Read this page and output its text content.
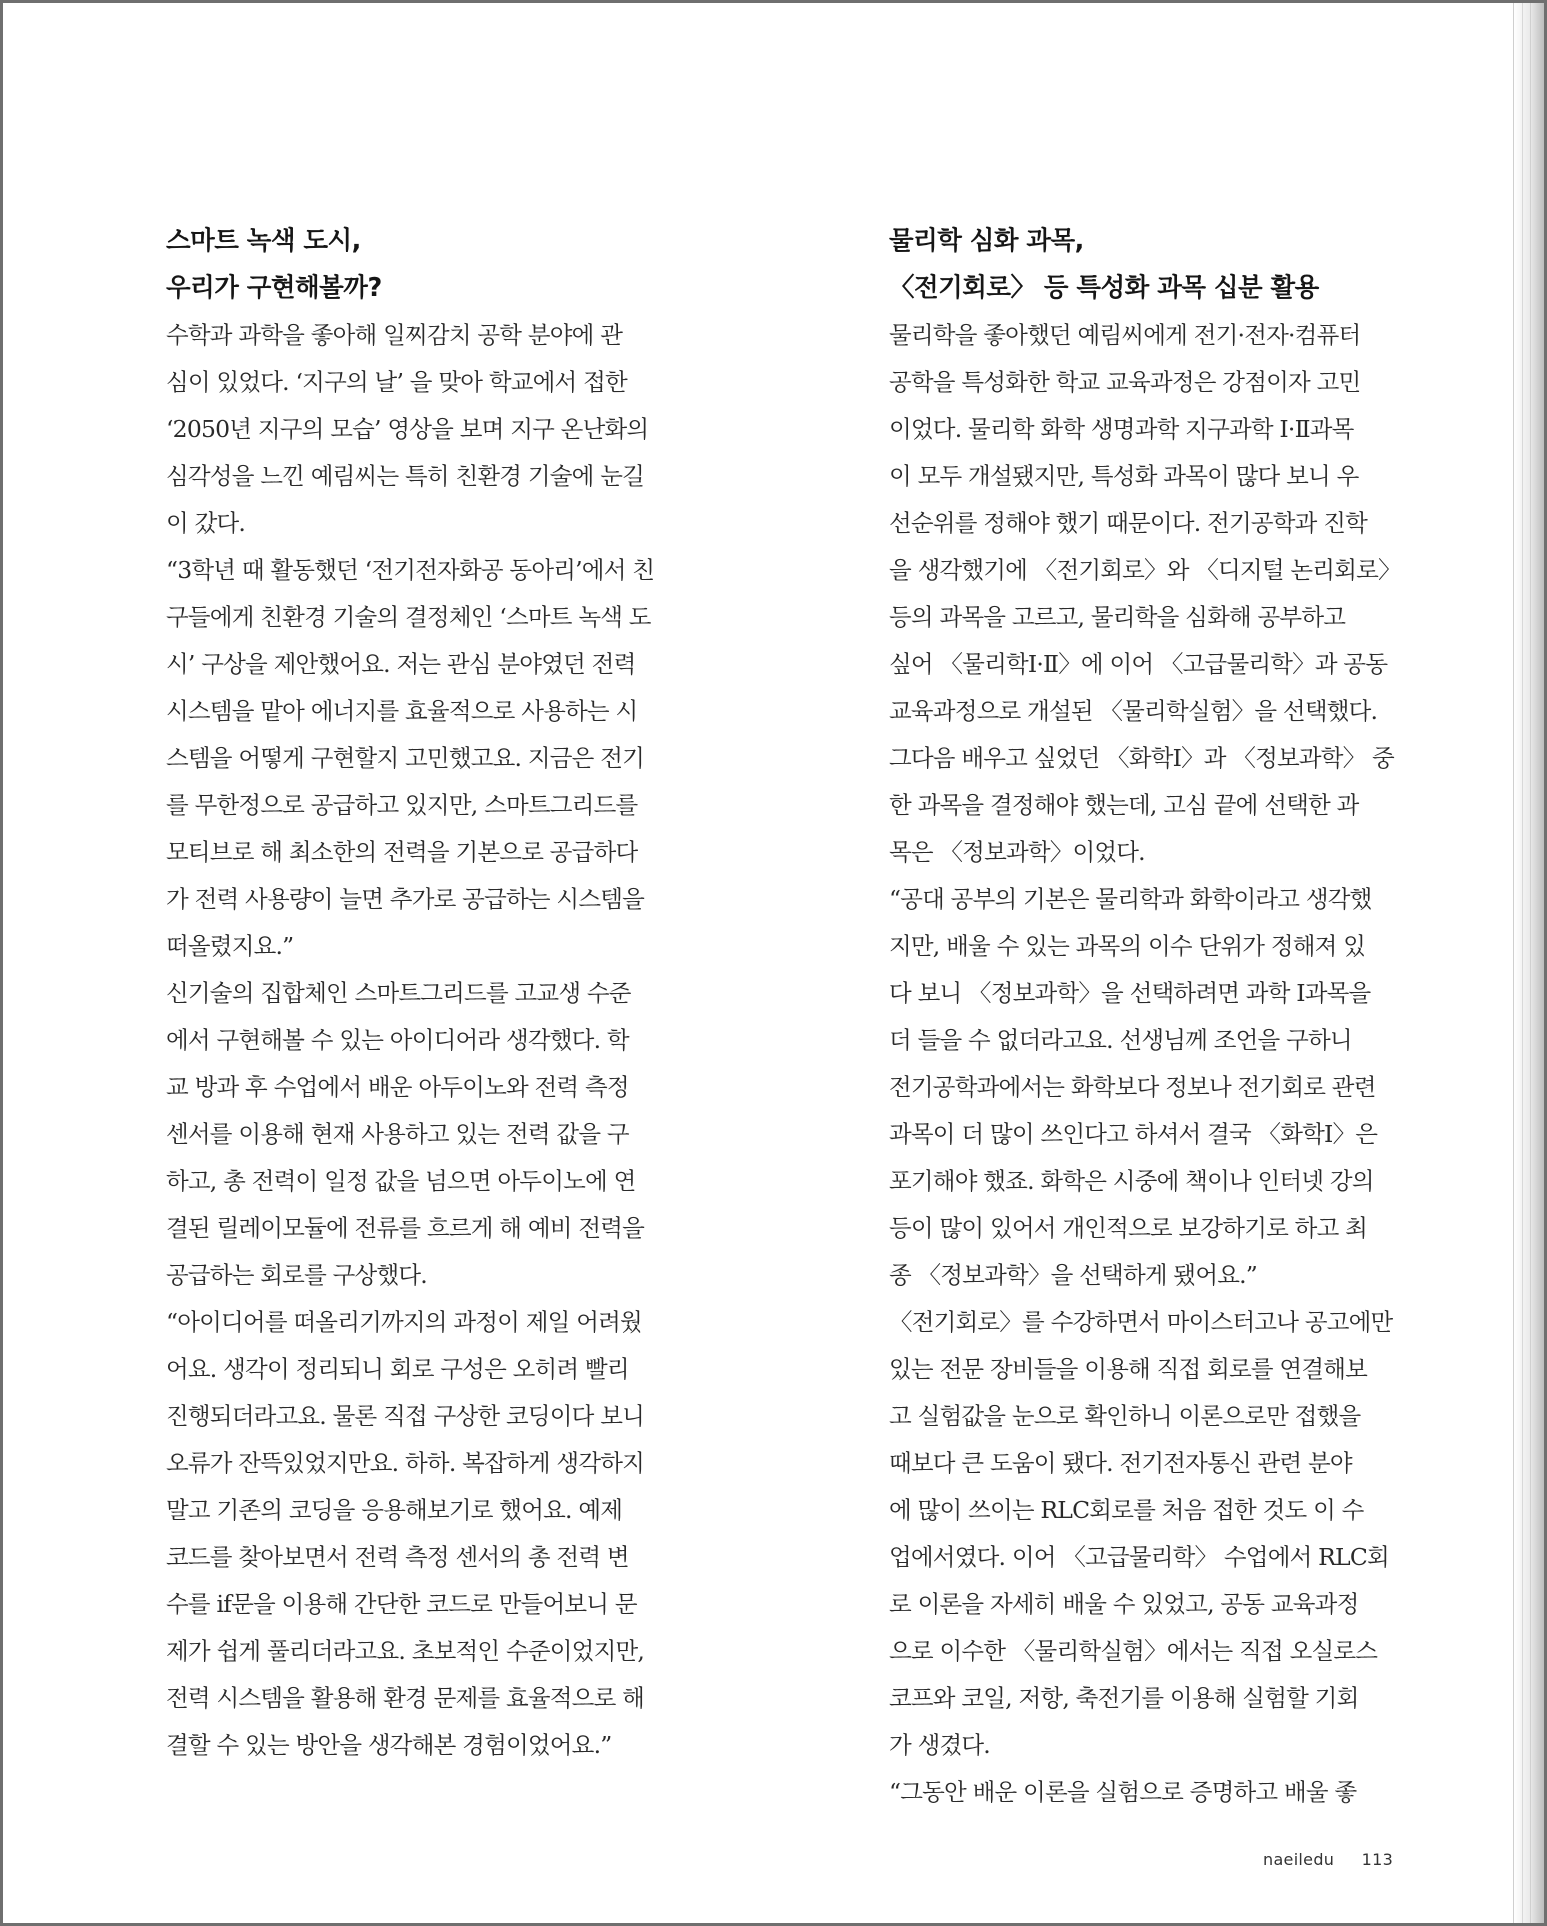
스마트 녹색 도시,

우리가 구현해볼까?

수학과 과학을 좋아해 일찌감치 공학 분야에 관

심이 있었다. ‘지구의 날’ 을 맞아 학교에서 접한

‘2050년 지구의 모습’ 영상을 보며 지구 온난화의

심각성을 느낀 예림씨는 특히 친환경 기술에 눈길

이 갔다.

“3학년 때 활동했던 ‘전기전자화공 동아리’에서 친

구들에게 친환경 기술의 결정체인 ‘스마트 녹색 도

시’ 구상을 제안했어요. 저는 관심 분야였던 전력

시스템을 맡아 에너지를 효율적으로 사용하는 시

스템을 어떻게 구현할지 고민했고요. 지금은 전기

를 무한정으로 공급하고 있지만, 스마트그리드를

모티브로 해 최소한의 전력을 기본으로 공급하다

가 전력 사용량이 늘면 추가로 공급하는 시스템을

떠올렸지요.”

신기술의 집합체인 스마트그리드를 고교생 수준

에서 구현해볼 수 있는 아이디어라 생각했다. 학

교 방과 후 수업에서 배운 아두이노와 전력 측정

센서를 이용해 현재 사용하고 있는 전력 값을 구

하고, 총 전력이 일정 값을 넘으면 아두이노에 연

결된 릴레이모듈에 전류를 흐르게 해 예비 전력을

공급하는 회로를 구상했다.

“아이디어를 떠올리기까지의 과정이 제일 어려웠

어요. 생각이 정리되니 회로 구성은 오히려 빨리

진행되더라고요. 물론 직접 구상한 코딩이다 보니

오류가 잔뜩있었지만요. 하하. 복잡하게 생각하지

말고 기존의 코딩을 응용해보기로 했어요. 예제

코드를 찾아보면서 전력 측정 센서의 총 전력 변

수를 if문을 이용해 간단한 코드로 만들어보니 문

제가 쉽게 풀리더라고요. 초보적인 수준이었지만,

전력 시스템을 활용해 환경 문제를 효율적으로 해

결할 수 있는 방안을 생각해본 경험이었어요.”

물리학 심화 과목,

〈전기회로〉 등 특성화 과목 십분 활용

물리학을 좋아했던 예림씨에게 전기·전자·컴퓨터

공학을 특성화한 학교 교육과정은 강점이자 고민

이었다. 물리학 화학 생명과학 지구과학 Ⅰ·Ⅱ과목

이 모두 개설됐지만, 특성화 과목이 많다 보니 우

선순위를 정해야 했기 때문이다. 전기공학과 진학

을 생각했기에 〈전기회로〉와 〈디지털 논리회로〉

등의 과목을 고르고, 물리학을 심화해 공부하고

싶어 〈물리학Ⅰ·Ⅱ〉에 이어 〈고급물리학〉과 공동

교육과정으로 개설된 〈물리학실험〉을 선택했다.

그다음 배우고 싶었던 〈화학Ⅰ〉과 〈정보과학〉 중

한 과목을 결정해야 했는데, 고심 끝에 선택한 과

목은 〈정보과학〉이었다.

“공대 공부의 기본은 물리학과 화학이라고 생각했

지만, 배울 수 있는 과목의 이수 단위가 정해져 있

다 보니 〈정보과학〉을 선택하려면 과학 Ⅰ과목을

더 들을 수 없더라고요. 선생님께 조언을 구하니

전기공학과에서는 화학보다 정보나 전기회로 관련

과목이 더 많이 쓰인다고 하셔서 결국 〈화학Ⅰ〉은

포기해야 했죠. 화학은 시중에 책이나 인터넷 강의

등이 많이 있어서 개인적으로 보강하기로 하고 최

종 〈정보과학〉을 선택하게 됐어요.”

〈전기회로〉를 수강하면서 마이스터고나 공고에만

있는 전문 장비들을 이용해 직접 회로를 연결해보

고 실험값을 눈으로 확인하니 이론으로만 접했을

때보다 큰 도움이 됐다. 전기전자통신 관련 분야

에 많이 쓰이는 RLC회로를 처음 접한 것도 이 수

업에서였다. 이어 〈고급물리학〉 수업에서 RLC회

로 이론을 자세히 배울 수 있었고, 공동 교육과정

으로 이수한 〈물리학실험〉에서는 직접 오실로스

코프와 코일, 저항, 축전기를 이용해 실험할 기회

가 생겼다.

“그동안 배운 이론을 실험으로 증명하고 배울 좋

naeiledu 113
